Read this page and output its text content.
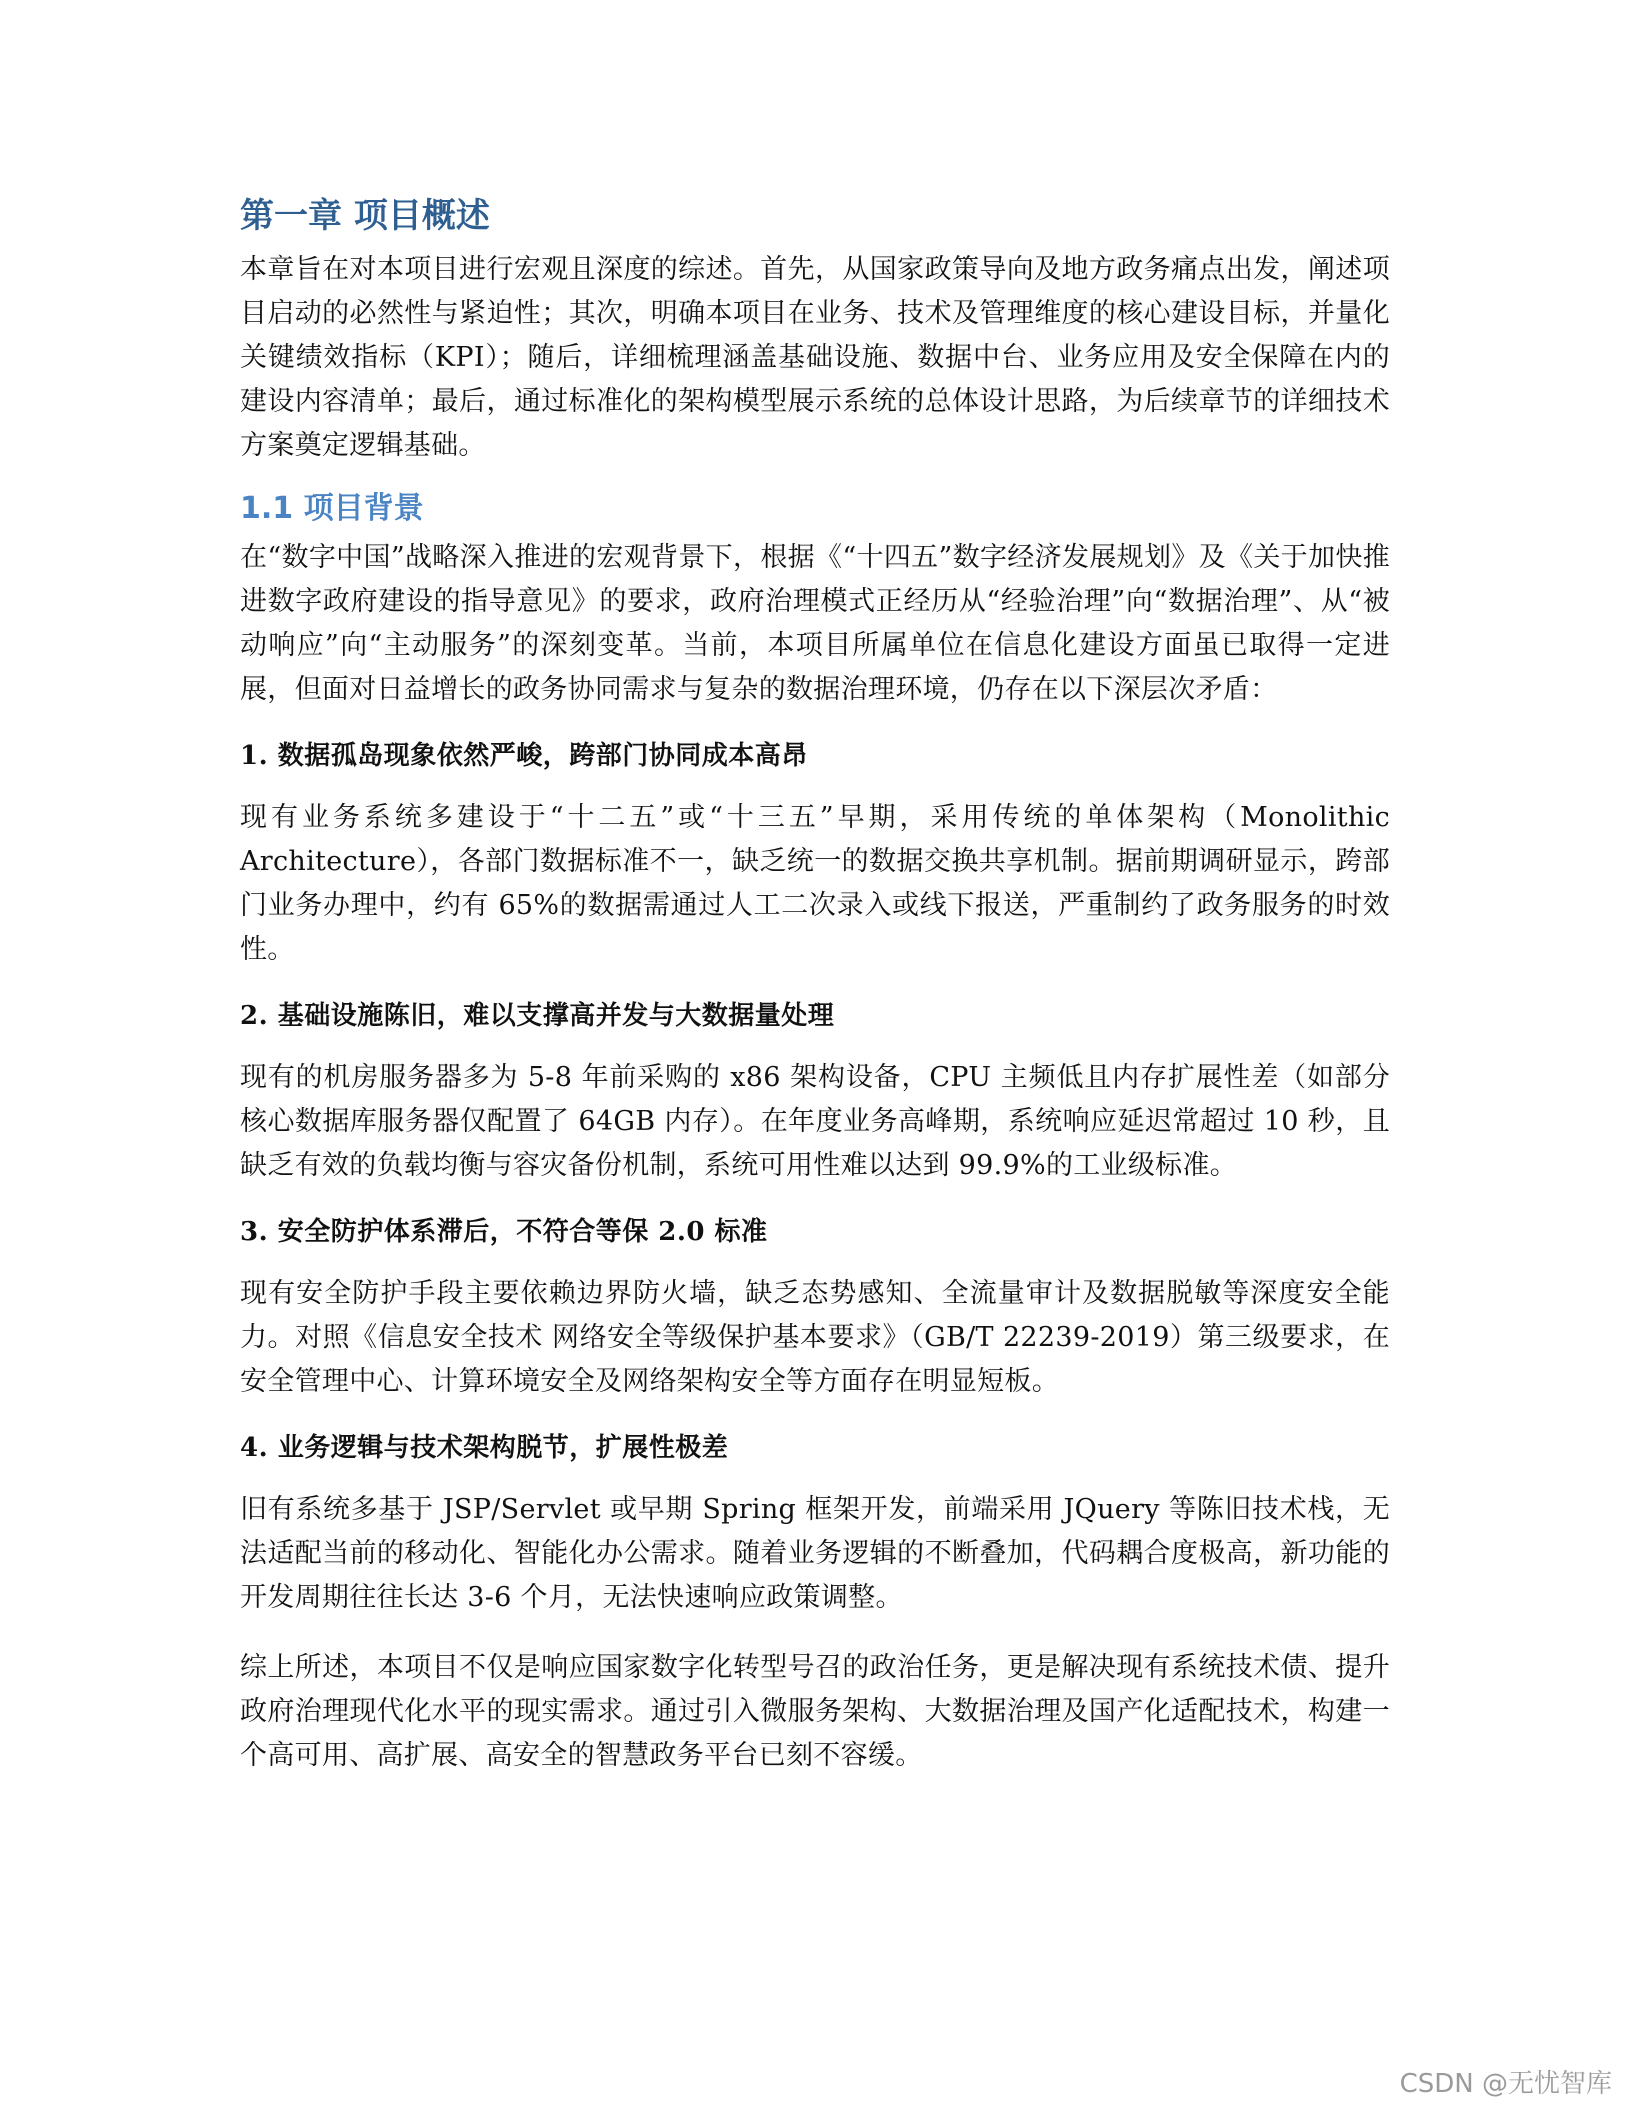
第一章 项目概述

本章旨在对本项目进行宏观且深度的综述。首先，从国家政策导向及地方政务痛点出发，阐述项目启动的必然性与紧迫性；其次，明确本项目在业务、技术及管理维度的核心建设目标，并量化关键绩效指标（KPI）；随后，详细梳理涵盖基础设施、数据中台、业务应用及安全保障在内的建设内容清单；最后，通过标准化的架构模型展示系统的总体设计思路，为后续章节的详细技术方案奠定逻辑基础。

1.1 项目背景

在“数字中国”战略深入推进的宏观背景下，根据《“十四五”数字经济发展规划》及《关于加快推进数字政府建设的指导意见》的要求，政府治理模式正经历从“经验治理”向“数据治理”、从“被动响应”向“主动服务”的深刻变革。当前，本项目所属单位在信息化建设方面虽已取得一定进展，但面对日益增长的政务协同需求与复杂的数据治理环境，仍存在以下深层次矛盾：

1. 数据孤岛现象依然严峻，跨部门协同成本高昂

现有业务系统多建设于“十二五”或“十三五”早期，采用传统的单体架构（Monolithic Architecture），各部门数据标准不一，缺乏统一的数据交换共享机制。据前期调研显示，跨部门业务办理中，约有 65%的数据需通过人工二次录入或线下报送，严重制约了政务服务的时效性。

2. 基础设施陈旧，难以支撑高并发与大数据量处理

现有的机房服务器多为 5-8 年前采购的 x86 架构设备，CPU 主频低且内存扩展性差（如部分核心数据库服务器仅配置了 64GB 内存）。在年度业务高峰期，系统响应延迟常超过 10 秒，且缺乏有效的负载均衡与容灾备份机制，系统可用性难以达到 99.9%的工业级标准。

3. 安全防护体系滞后，不符合等保 2.0 标准

现有安全防护手段主要依赖边界防火墙，缺乏态势感知、全流量审计及数据脱敏等深度安全能力。对照《信息安全技术 网络安全等级保护基本要求》（GB/T 22239-2019）第三级要求，在安全管理中心、计算环境安全及网络架构安全等方面存在明显短板。

4. 业务逻辑与技术架构脱节，扩展性极差

旧有系统多基于 JSP/Servlet 或早期 Spring 框架开发，前端采用 JQuery 等陈旧技术栈，无法适配当前的移动化、智能化办公需求。随着业务逻辑的不断叠加，代码耦合度极高，新功能的开发周期往往长达 3-6 个月，无法快速响应政策调整。

综上所述，本项目不仅是响应国家数字化转型号召的政治任务，更是解决现有系统技术债、提升政府治理现代化水平的现实需求。通过引入微服务架构、大数据治理及国产化适配技术，构建一个高可用、高扩展、高安全的智慧政务平台已刻不容缓。

CSDN @无忧智库
